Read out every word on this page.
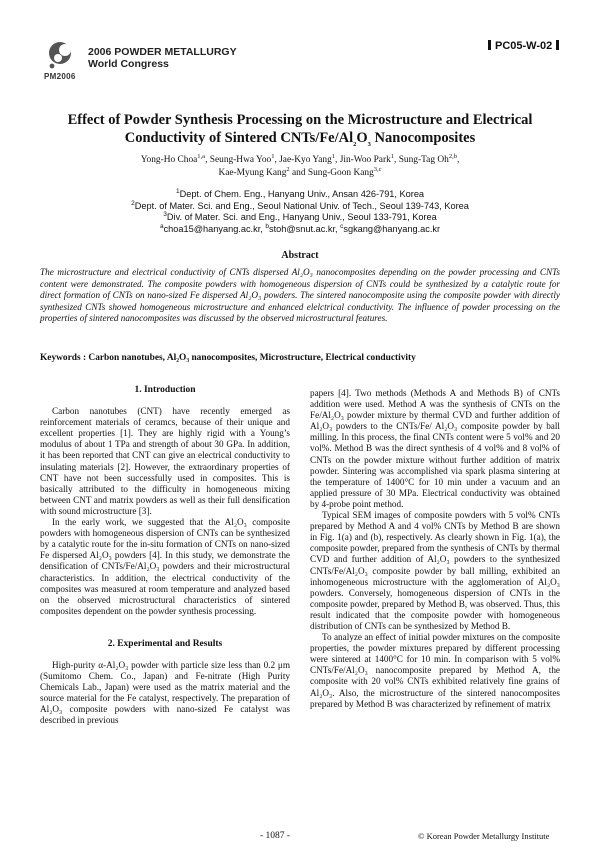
2006 POWDER METALLURGY
World Congress
PM2006
PC05-W-02
Effect of Powder Synthesis Processing on the Microstructure and Electrical
Conductivity of Sintered CNTs/$Fe/Al_2O_3$ Nanocomposites
Yong-Ho Choa$^{1,a}$, Seung-Hwa Yoo$^1$, Jae-Kyo Yang$^1$, Jin-Woo Park$^1$, Sung-Tag Oh$^{2,b}$,
Kae-Myung Kang$^2$ and Sung-Goon Kang$^{3,c}$
$^1$Dept. of Chem. Eng., Hanyang Univ., Ansan 426-791, Korea
$^2$Dept. of Mater. Sci. and Eng., Seoul National Univ. of Tech., Seoul 139-743, Korea
$^3$Div. of Mater. Sci. and Eng., Hanyang Univ., Seoul 133-791, Korea
$^a$choa15@hanyang.ac.kr, $^b$stoh@snut.ac.kr, $^c$sgkang@hanyang.ac.kr
Abstract
The microstructure and electrical conductivity of CNTs dispersed Al₂O₃ nanocomposites depending on the powder processing and CNTs content were demonstrated. The composite powders with homogeneous dispersion of CNTs could be synthesized by a catalytic route for direct formation of CNTs on nano-sized Fe dispersed Al₂O₃ powders. The sintered nanocomposite using the composite powder with directly synthesized CNTs showed homogeneous microstructure and enhanced elelctrical conductivity. The influence of powder processing on the properties of sintered nanocomposites was discussed by the observed microstructural features.
Keywords : Carbon nanotubes, Al₂O₃ nanocomposites, Microstructure, Electrical conductivity
1. Introduction

Carbon nanotubes (CNT) have recently emerged as reinforcement materials of ceramcs, because of their unique and excellent properties [1]. They are highly rigid with a Young’s modulus of about 1 TPa and strength of about 30 GPa. In addition, it has been reported that CNT can give an electrical conductivity to insulating materials [2]. However, the extraordinary properties of CNT have not been successfully used in composites. This is basically attributed to the difficulty in homogeneous mixing between CNT and matrix powders as well as their full densification with sound microstructure [3].

In the early work, we suggested that the Al₂O₃ composite powders with homogeneous dispersion of CNTs can be synthesized by a catalytic route for the in-situ formation of CNTs on nano-sized Fe dispersed Al₂O₃ powders [4]. In this study, we demonstrate the densification of CNTs/Fe/Al₂O₃ powders and their microstructural characteristics. In addition, the electrical conductivity of the composites was measured at room temperature and analyzed based on the observed microstructural characteristics of sintered composites dependent on the powder synthesis processing.

2. Experimental and Results

High-purity α-Al₂O₃ powder with particle size less than 0.2 μm (Sumitomo Chem. Co., Japan) and Fe-nitrate (High Purity Chemicals Lab., Japan) were used as the matrix material and the source material for the Fe catalyst, respectively. The preparation of Al₂O₃ composite powders with nano-sized Fe catalyst was described in previous

papers [4]. Two methods (Methods A and Methods B) of CNTs addition were used. Method A was the synthesis of CNTs on the Fe/Al₂O₃ powder mixture by thermal CVD and further addition of Al₂O₃ powders to the CNTs/Fe/ Al₂O₃ composite powder by ball milling. In this process, the final CNTs content were 5 vol% and 20 vol%. Method B was the direct synthesis of 4 vol% and 8 vol% of CNTs on the powder mixture without further addition of matrix powder. Sintering was accomplished via spark plasma sintering at the temperature of 1400°C for 10 min under a vacuum and an applied pressure of 30 MPa. Electrical conductivity was obtained by 4-probe point method.

Typical SEM images of composite powders with 5 vol% CNTs prepared by Method A and 4 vol% CNTs by Method B are shown in Fig. 1(a) and (b), respectively. As clearly shown in Fig. 1(a), the composite powder, prepared from the synthesis of CNTs by thermal CVD and further addition of Al₂O₃ powders to the synthesized CNTs/Fe/Al₂O₃ composite powder by ball milling, exhibited an inhomogeneous microstructure with the agglomeration of Al₂O₃ powders. Conversely, homogeneous dispersion of CNTs in the composite powder, prepared by Method B, was observed. Thus, this result indicated that the composite powder with homogeneous distribution of CNTs can be synthesized by Method B.

To analyze an effect of initial powder mixtures on the composite properties, the powder mixtures prepared by different processing were sintered at 1400°C for 10 min. In comparison with 5 vol% CNTs/Fe/Al₂O₃ nanocomposite prepared by Method A, the composite with 20 vol% CNTs exhibited relatively fine grains of Al₂O₃. Also, the microstructure of the sintered nanocomposites prepared by Method B was characterized by refinement of matrix

- 1087 -	© Korean Powder Metallurgy Institute
